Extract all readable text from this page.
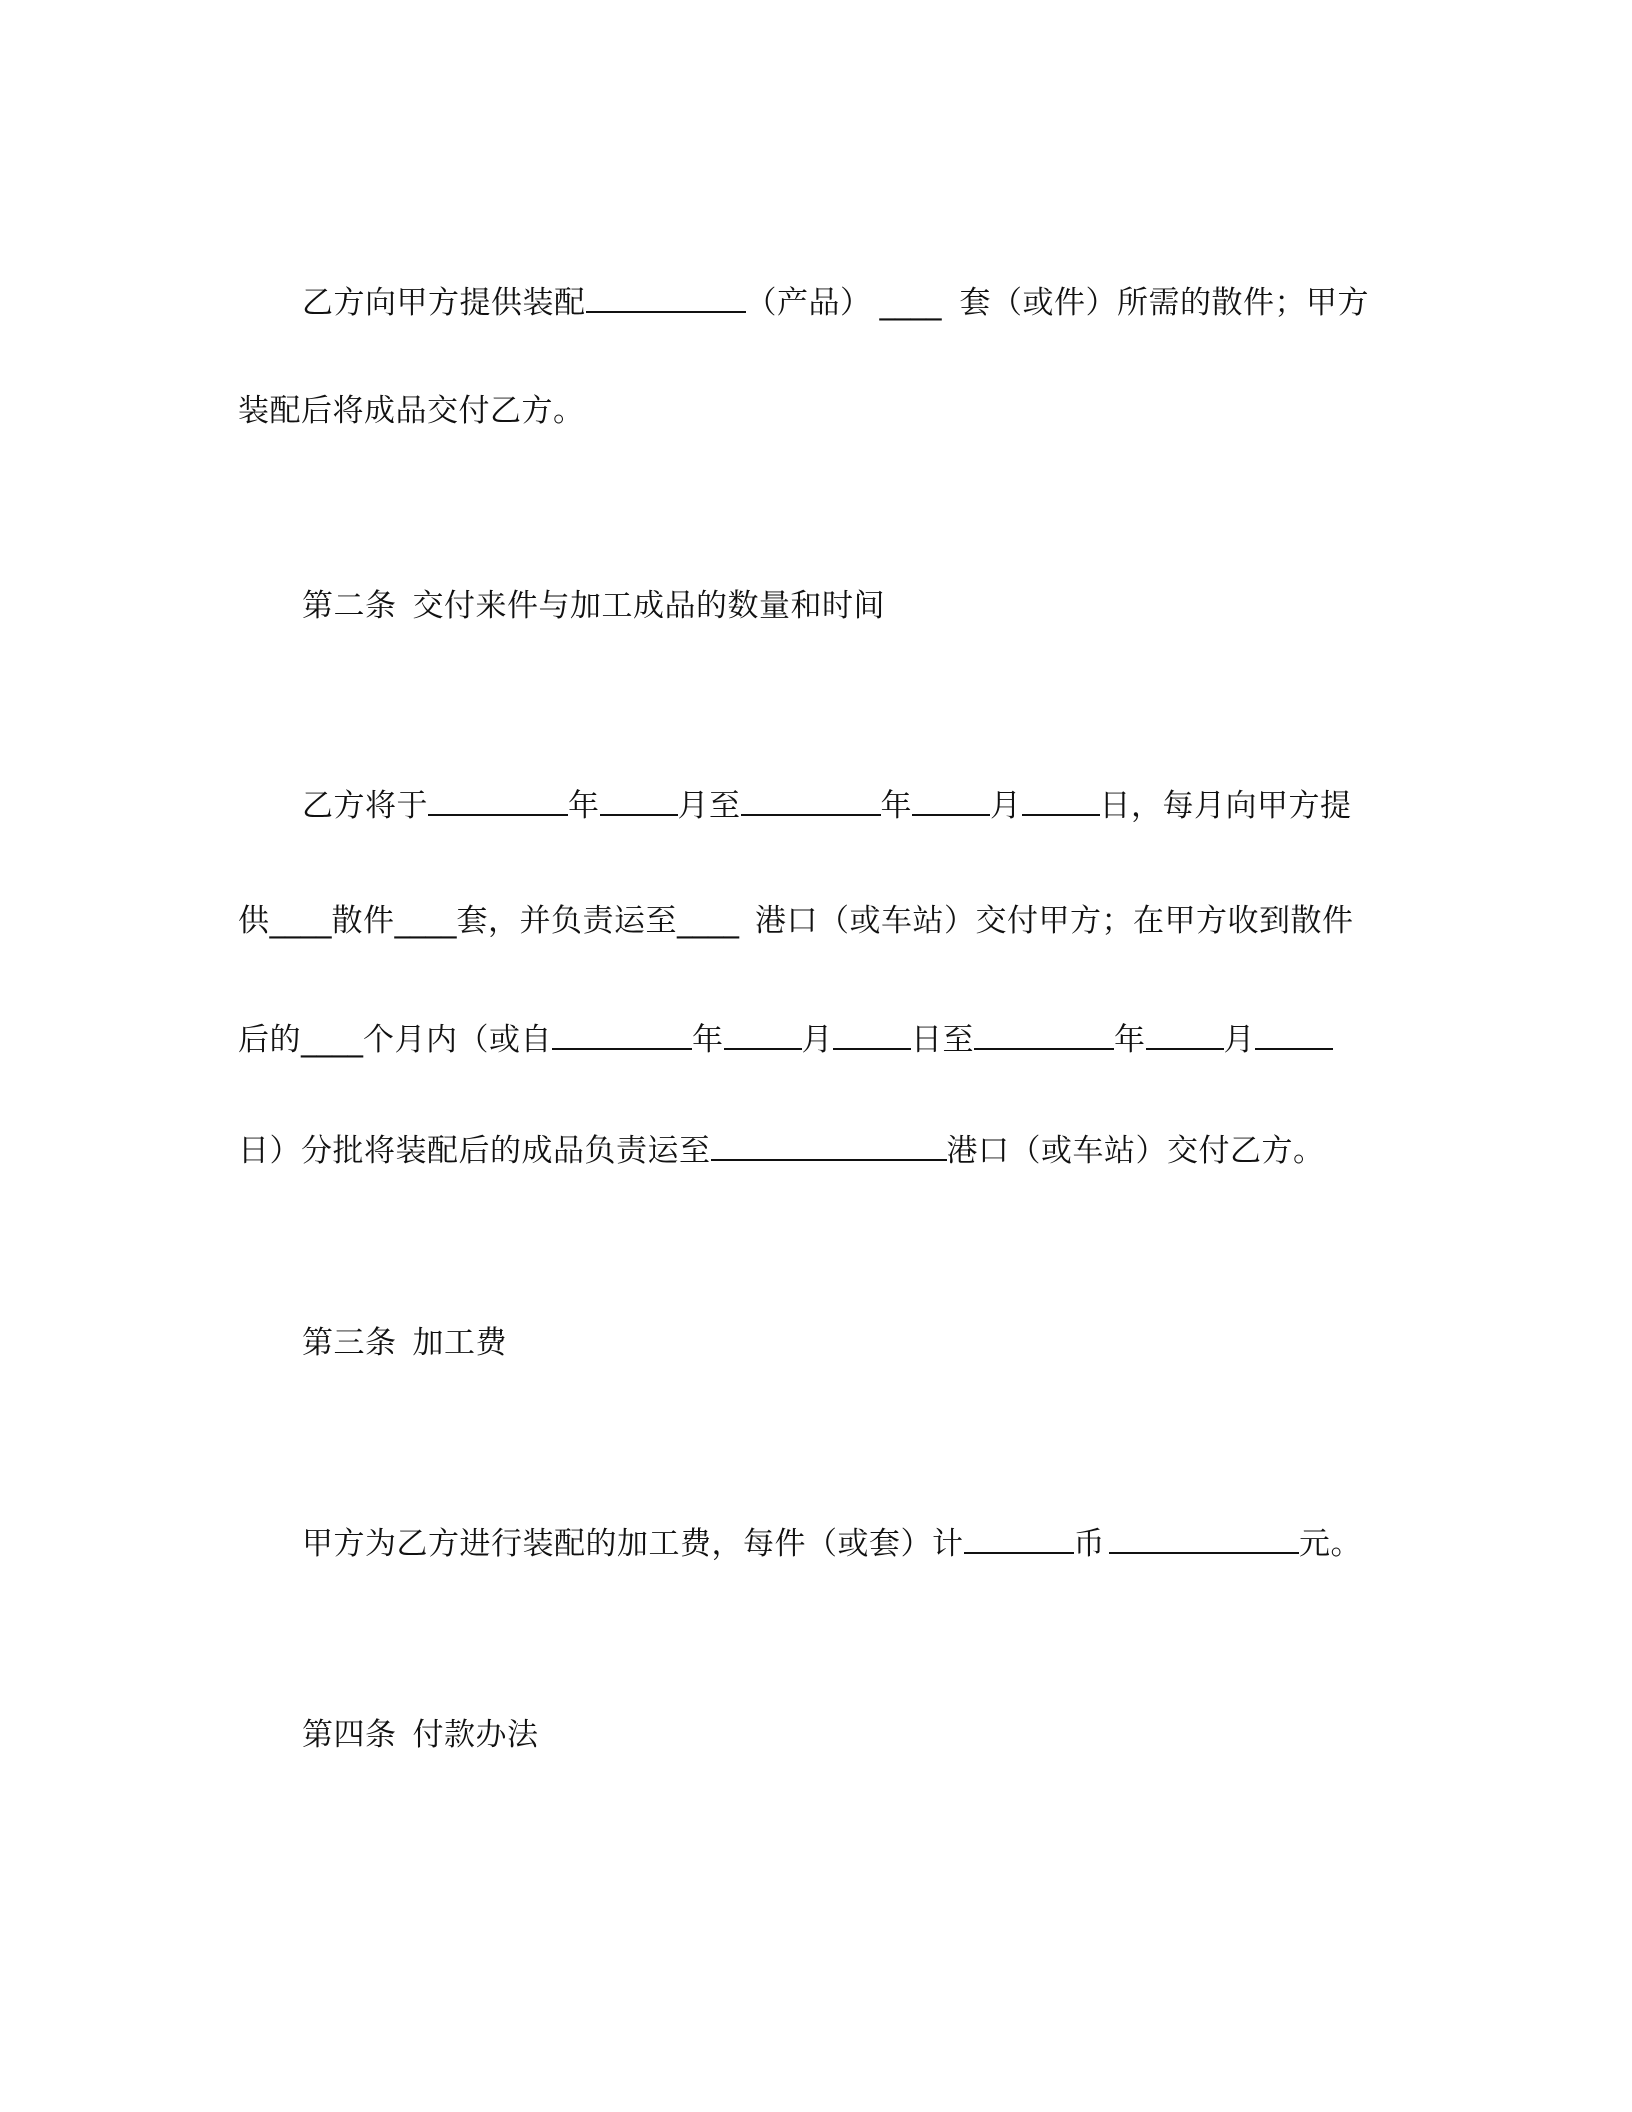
乙方向甲方提供装配	（产品） ____ 套（或件）所需的散件；甲方
装配后将成品交付乙方。
第二条 交付来件与加工成品的数量和时间
乙方将于	年	月至	年	月	日，每月向甲方提
供____散件____套，并负责运至____ 港口（或车站）交付甲方；在甲方收到散件
后的____个月内（或自	年	月	日至	年	月
日）分批将装配后的成品负责运至	港口（或车站）交付乙方。
第三条 加工费
甲方为乙方进行装配的加工费，每件（或套）计	币	元。
第四条 付款办法
